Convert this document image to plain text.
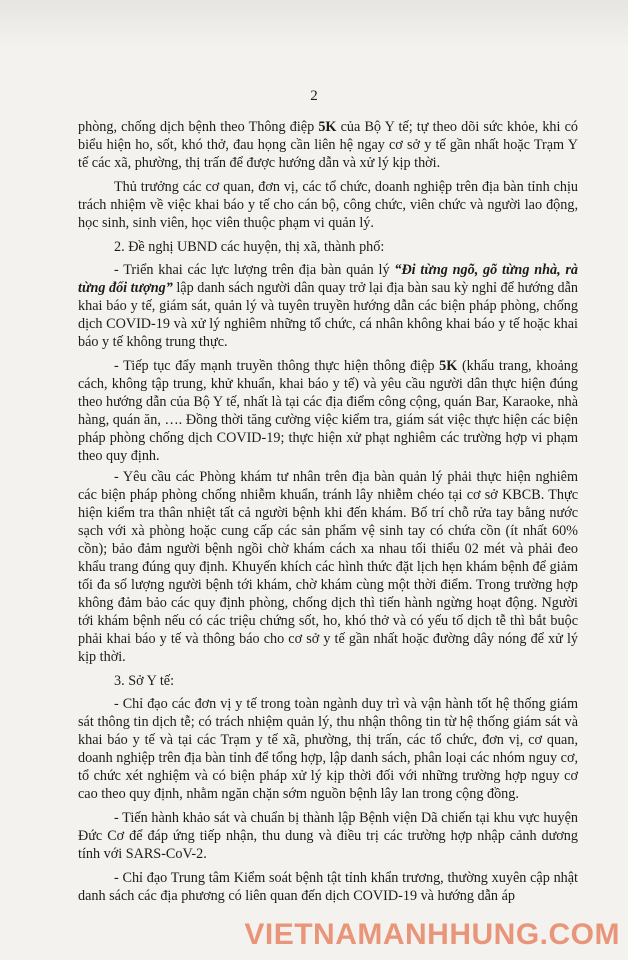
2

phòng, chống dịch bệnh theo Thông điệp 5K của Bộ Y tế; tự theo dõi sức khỏe, khi có biểu hiện ho, sốt, khó thở, đau họng cần liên hệ ngay cơ sở y tế gần nhất hoặc Trạm Y tế các xã, phường, thị trấn để được hướng dẫn và xử lý kịp thời.

Thủ trưởng các cơ quan, đơn vị, các tổ chức, doanh nghiệp trên địa bàn tỉnh chịu trách nhiệm về việc khai báo y tế cho cán bộ, công chức, viên chức và người lao động, học sinh, sinh viên, học viên thuộc phạm vi quản lý.

2. Đề nghị UBND các huyện, thị xã, thành phố:

- Triển khai các lực lượng trên địa bàn quản lý “Đi từng ngõ, gõ từng nhà, rà từng đối tượng” lập danh sách người dân quay trở lại địa bàn sau kỳ nghỉ để hướng dẫn khai báo y tế, giám sát, quản lý và tuyên truyền hướng dẫn các biện pháp phòng, chống dịch COVID-19 và xử lý nghiêm những tổ chức, cá nhân không khai báo y tế hoặc khai báo y tế không trung thực.

- Tiếp tục đẩy mạnh truyền thông thực hiện thông điệp 5K (khẩu trang, khoảng cách, không tập trung, khử khuẩn, khai báo y tế) và yêu cầu người dân thực hiện đúng theo hướng dẫn của Bộ Y tế, nhất là tại các địa điểm công cộng, quán Bar, Karaoke, nhà hàng, quán ăn, …. Đồng thời tăng cường việc kiểm tra, giám sát việc thực hiện các biện pháp phòng chống dịch COVID-19; thực hiện xử phạt nghiêm các trường hợp vi phạm theo quy định.

- Yêu cầu các Phòng khám tư nhân trên địa bàn quản lý phải thực hiện nghiêm các biện pháp phòng chống nhiễm khuẩn, tránh lây nhiễm chéo tại cơ sở KBCB. Thực hiện kiểm tra thân nhiệt tất cả người bệnh khi đến khám. Bố trí chỗ rửa tay bằng nước sạch với xà phòng hoặc cung cấp các sản phẩm vệ sinh tay có chứa cồn (ít nhất 60% cồn); bảo đảm người bệnh ngồi chờ khám cách xa nhau tối thiểu 02 mét và phải đeo khẩu trang đúng quy định. Khuyến khích các hình thức đặt lịch hẹn khám bệnh để giảm tối đa số lượng người bệnh tới khám, chờ khám cùng một thời điểm. Trong trường hợp không đảm bảo các quy định phòng, chống dịch thì tiến hành ngừng hoạt động. Người tới khám bệnh nếu có các triệu chứng sốt, ho, khó thở và có yếu tố dịch tễ thì bắt buộc phải khai báo y tế và thông báo cho cơ sở y tế gần nhất hoặc đường dây nóng để xử lý kịp thời.

3. Sở Y tế:

- Chỉ đạo các đơn vị y tế trong toàn ngành duy trì và vận hành tốt hệ thống giám sát thông tin dịch tễ; có trách nhiệm quản lý, thu nhận thông tin từ hệ thống giám sát và khai báo y tế và tại các Trạm y tế xã, phường, thị trấn, các tổ chức, đơn vị, cơ quan, doanh nghiệp trên địa bàn tỉnh để tổng hợp, lập danh sách, phân loại các nhóm nguy cơ, tổ chức xét nghiệm và có biện pháp xử lý kịp thời đối với những trường hợp nguy cơ cao theo quy định, nhằm ngăn chặn sớm nguồn bệnh lây lan trong cộng đồng.

- Tiến hành khảo sát và chuẩn bị thành lập Bệnh viện Dã chiến tại khu vực huyện Đức Cơ để đáp ứng tiếp nhận, thu dung và điều trị các trường hợp nhập cảnh dương tính với SARS-CoV-2.

- Chỉ đạo Trung tâm Kiểm soát bệnh tật tỉnh khẩn trương, thường xuyên cập nhật danh sách các địa phương có liên quan đến dịch COVID-19 và hướng dẫn áp

VIETNAMANHHUNG.COM
